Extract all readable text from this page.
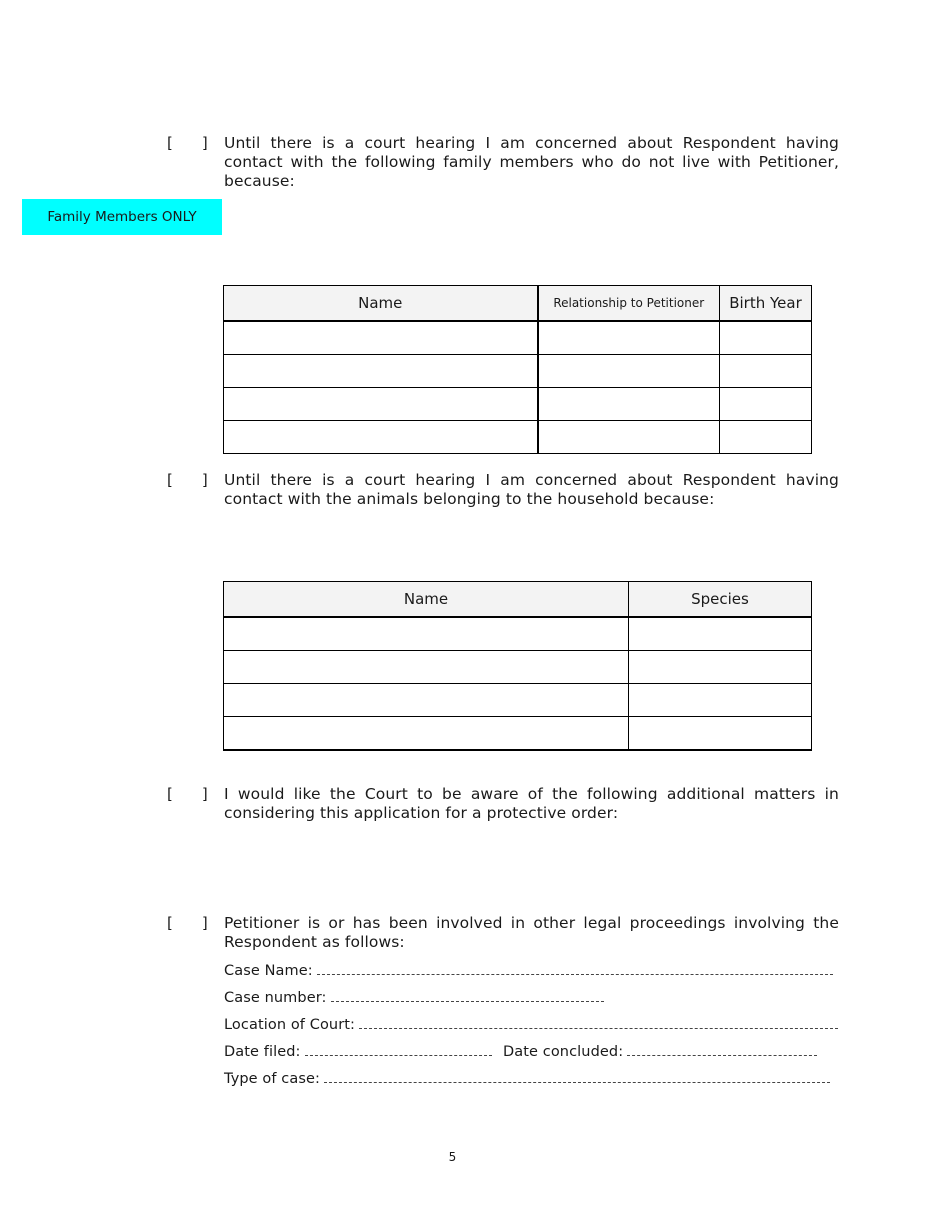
[    ] Until there is a court hearing I am concerned about Respondent having contact with the following family members who do not live with Petitioner, because:
Family Members ONLY
Name	Relationship to Petitioner	Birth Year

[    ] Until there is a court hearing I am concerned about Respondent having contact with the animals belonging to the household because:
Name	Species

[    ] I would like the Court to be aware of the following additional matters in considering this application for a protective order:
[    ] Petitioner is or has been involved in other legal proceedings involving the Respondent as follows:
Case Name:
Case number:
Location of Court:
Date filed:	Date concluded:
Type of case:
5
